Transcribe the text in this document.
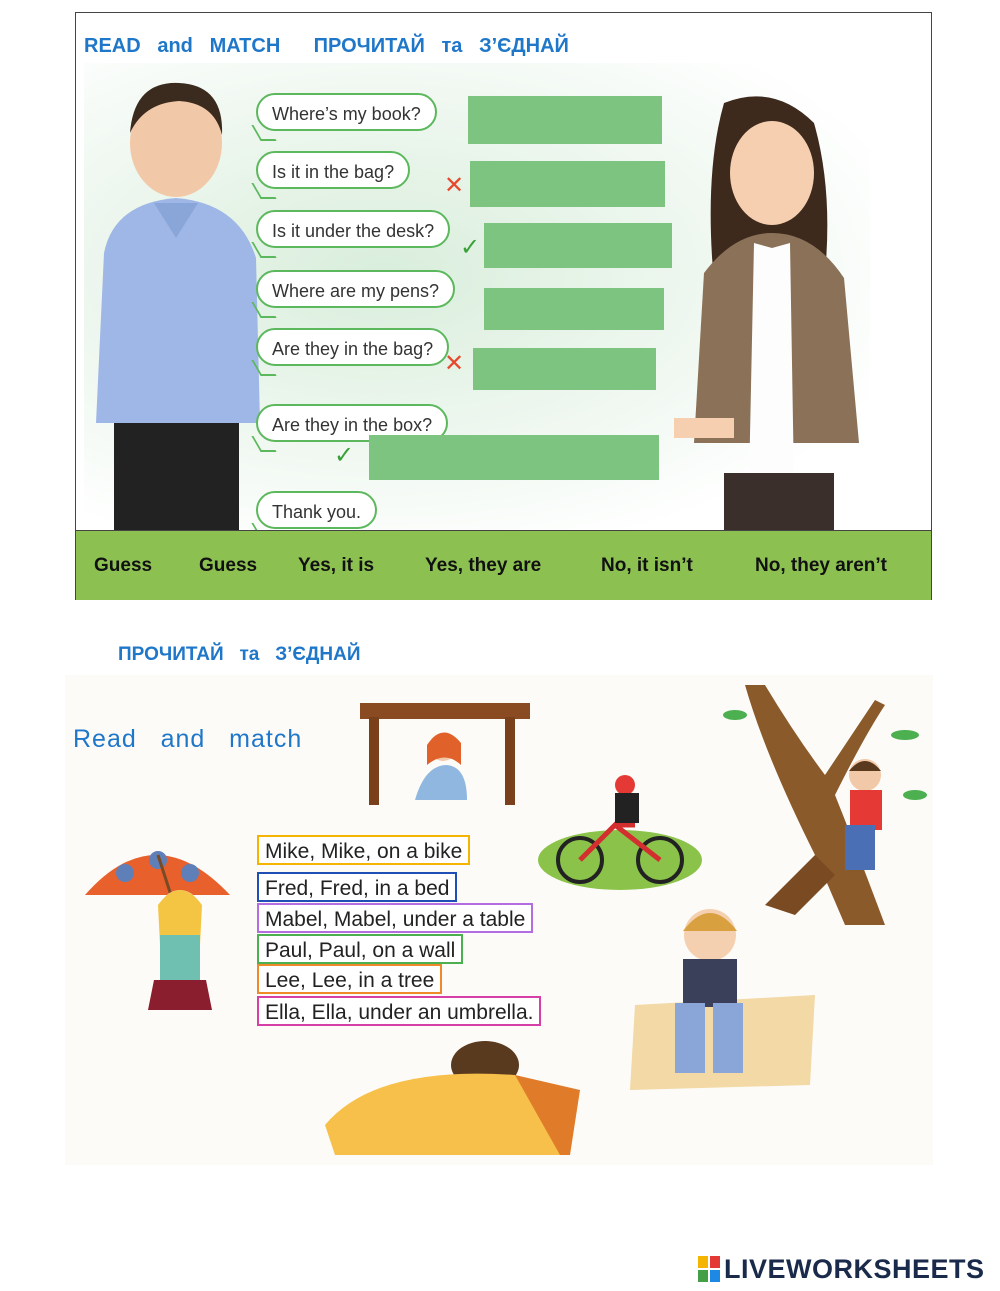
READ   and   MATCH      ПРОЧИТАЙ   та   З’ЄДНАЙ
Where’s my book?
Is it in the bag?
Is it under the desk?
Where are my pens?
Are they in the bag?
Are they in the box?
Thank you.
✕
✓
✕
✓
Guess Guess Yes, it is	Yes, they are	No, it isn’t	No, they aren’t
ПРОЧИТАЙ   та   З’ЄДНАЙ
Read   and   match
Mike, Mike, on a bike
Fred, Fred, in a bed
Mabel, Mabel, under a table
Paul, Paul, on a wall
Lee, Lee, in a tree
Ella, Ella, under an umbrella.
LIVEWORKSHEETS
